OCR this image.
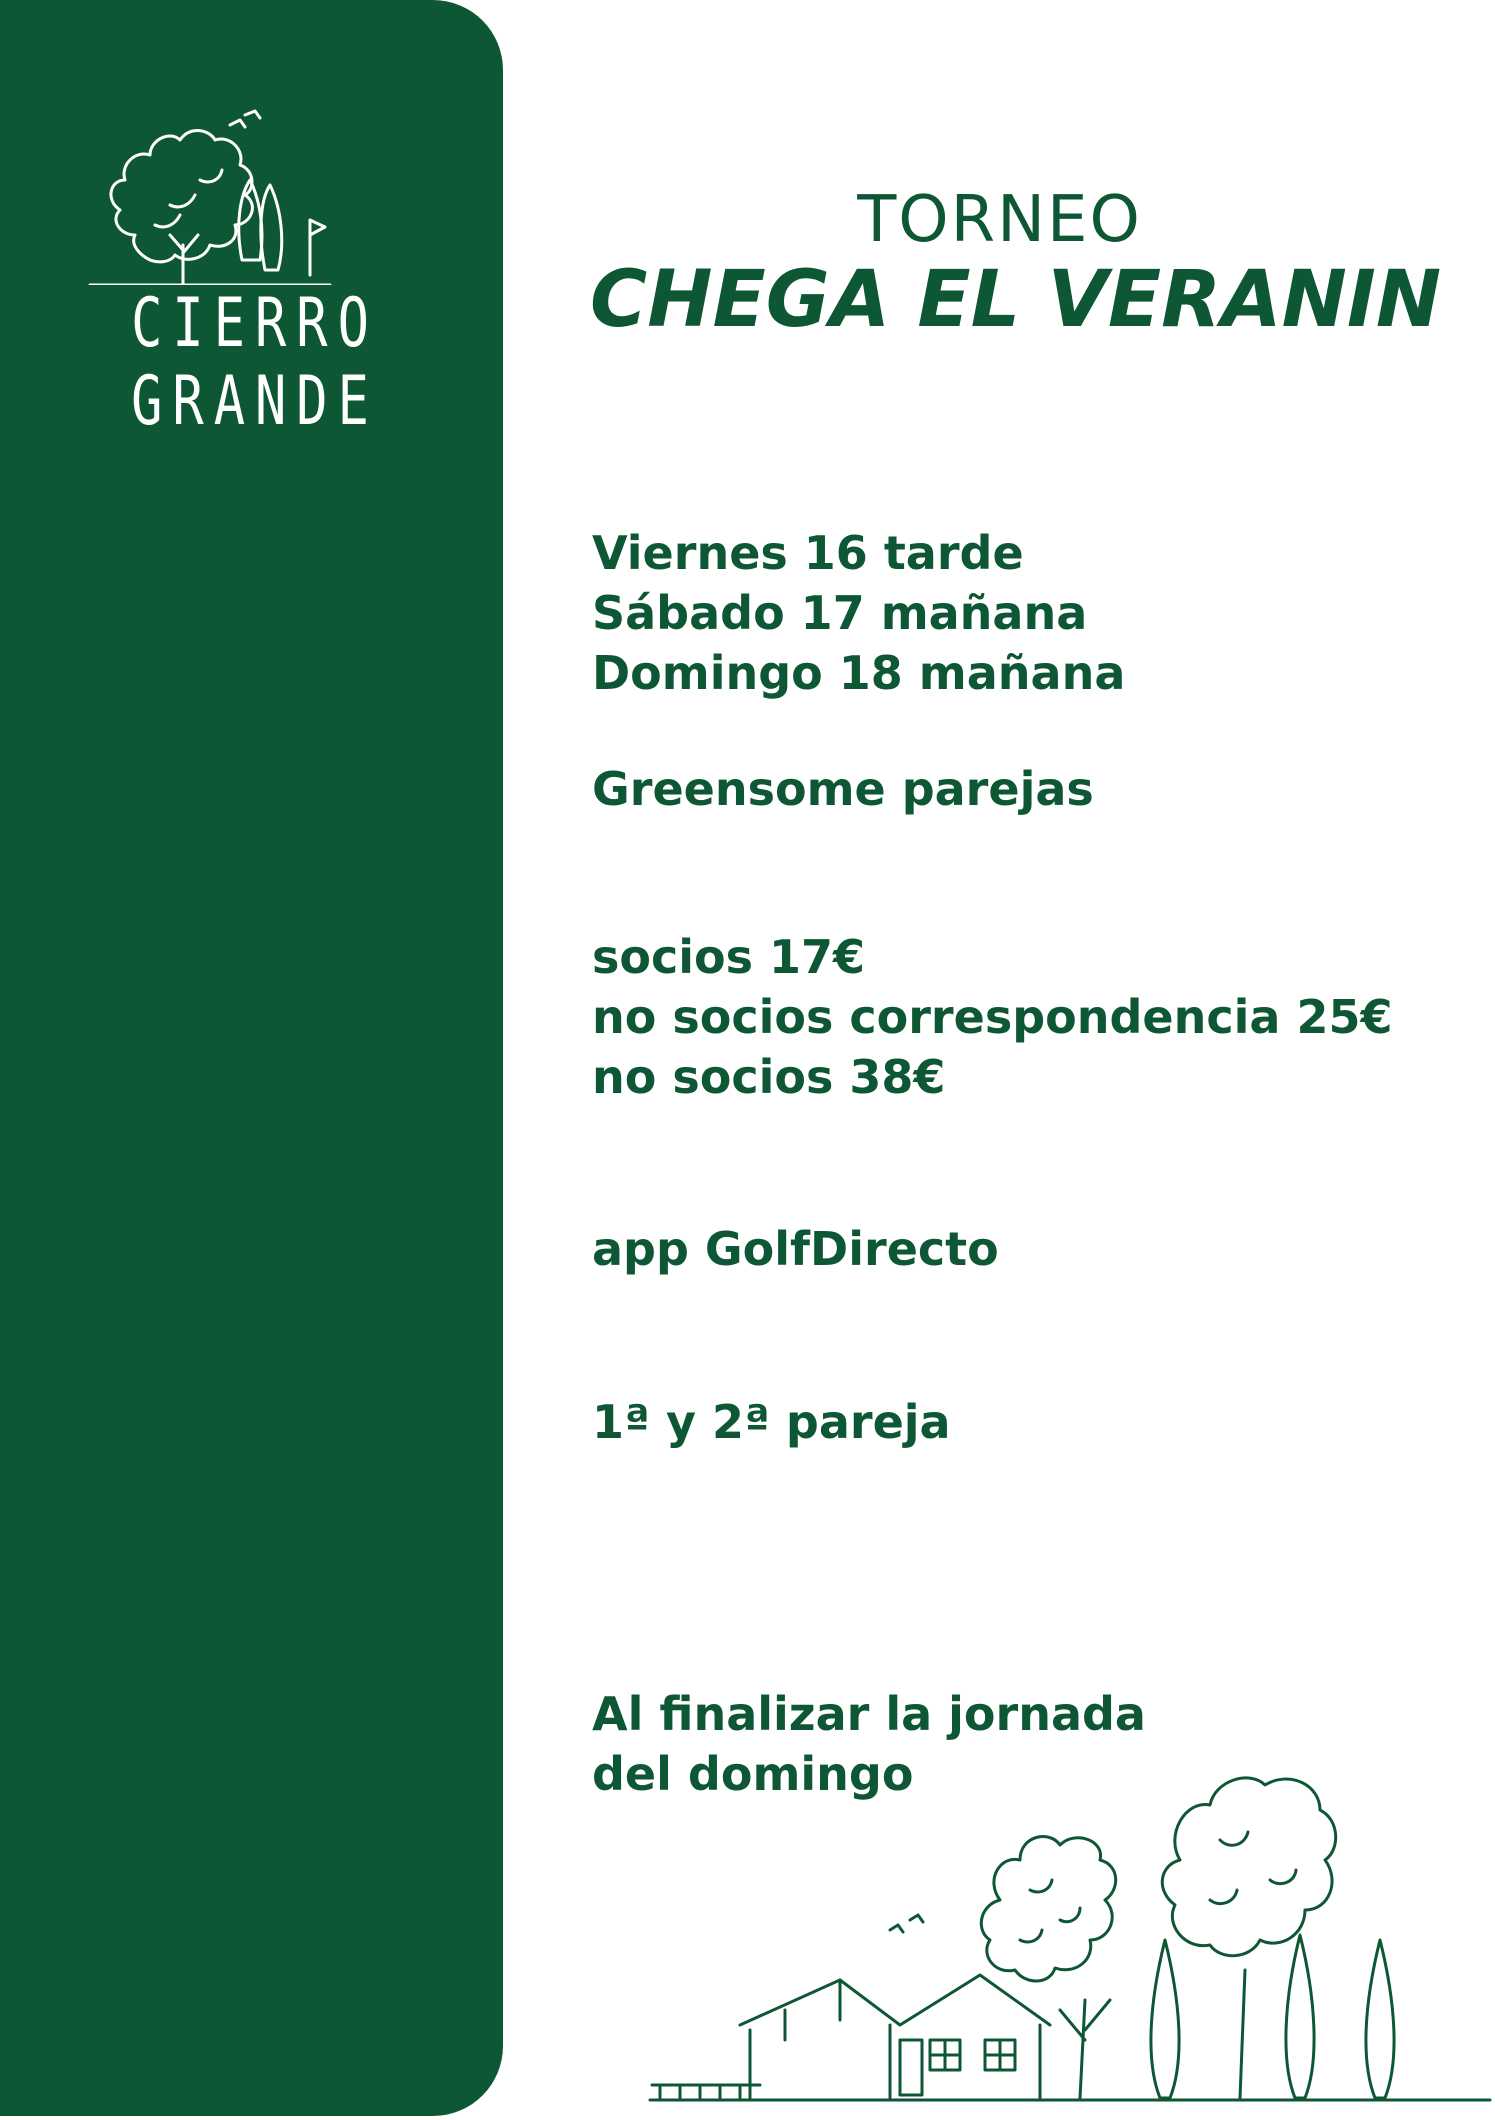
CIERRO GRANDE
TORNEO
CHEGA EL VERANIN
Viernes 16 tarde
Sábado 17 mañana
Domingo 18 mañana
Greensome parejas
socios 17€
no socios correspondencia 25€
no socios 38€
app GolfDirecto
1ª y 2ª pareja
Al finalizar la jornada
del domingo
